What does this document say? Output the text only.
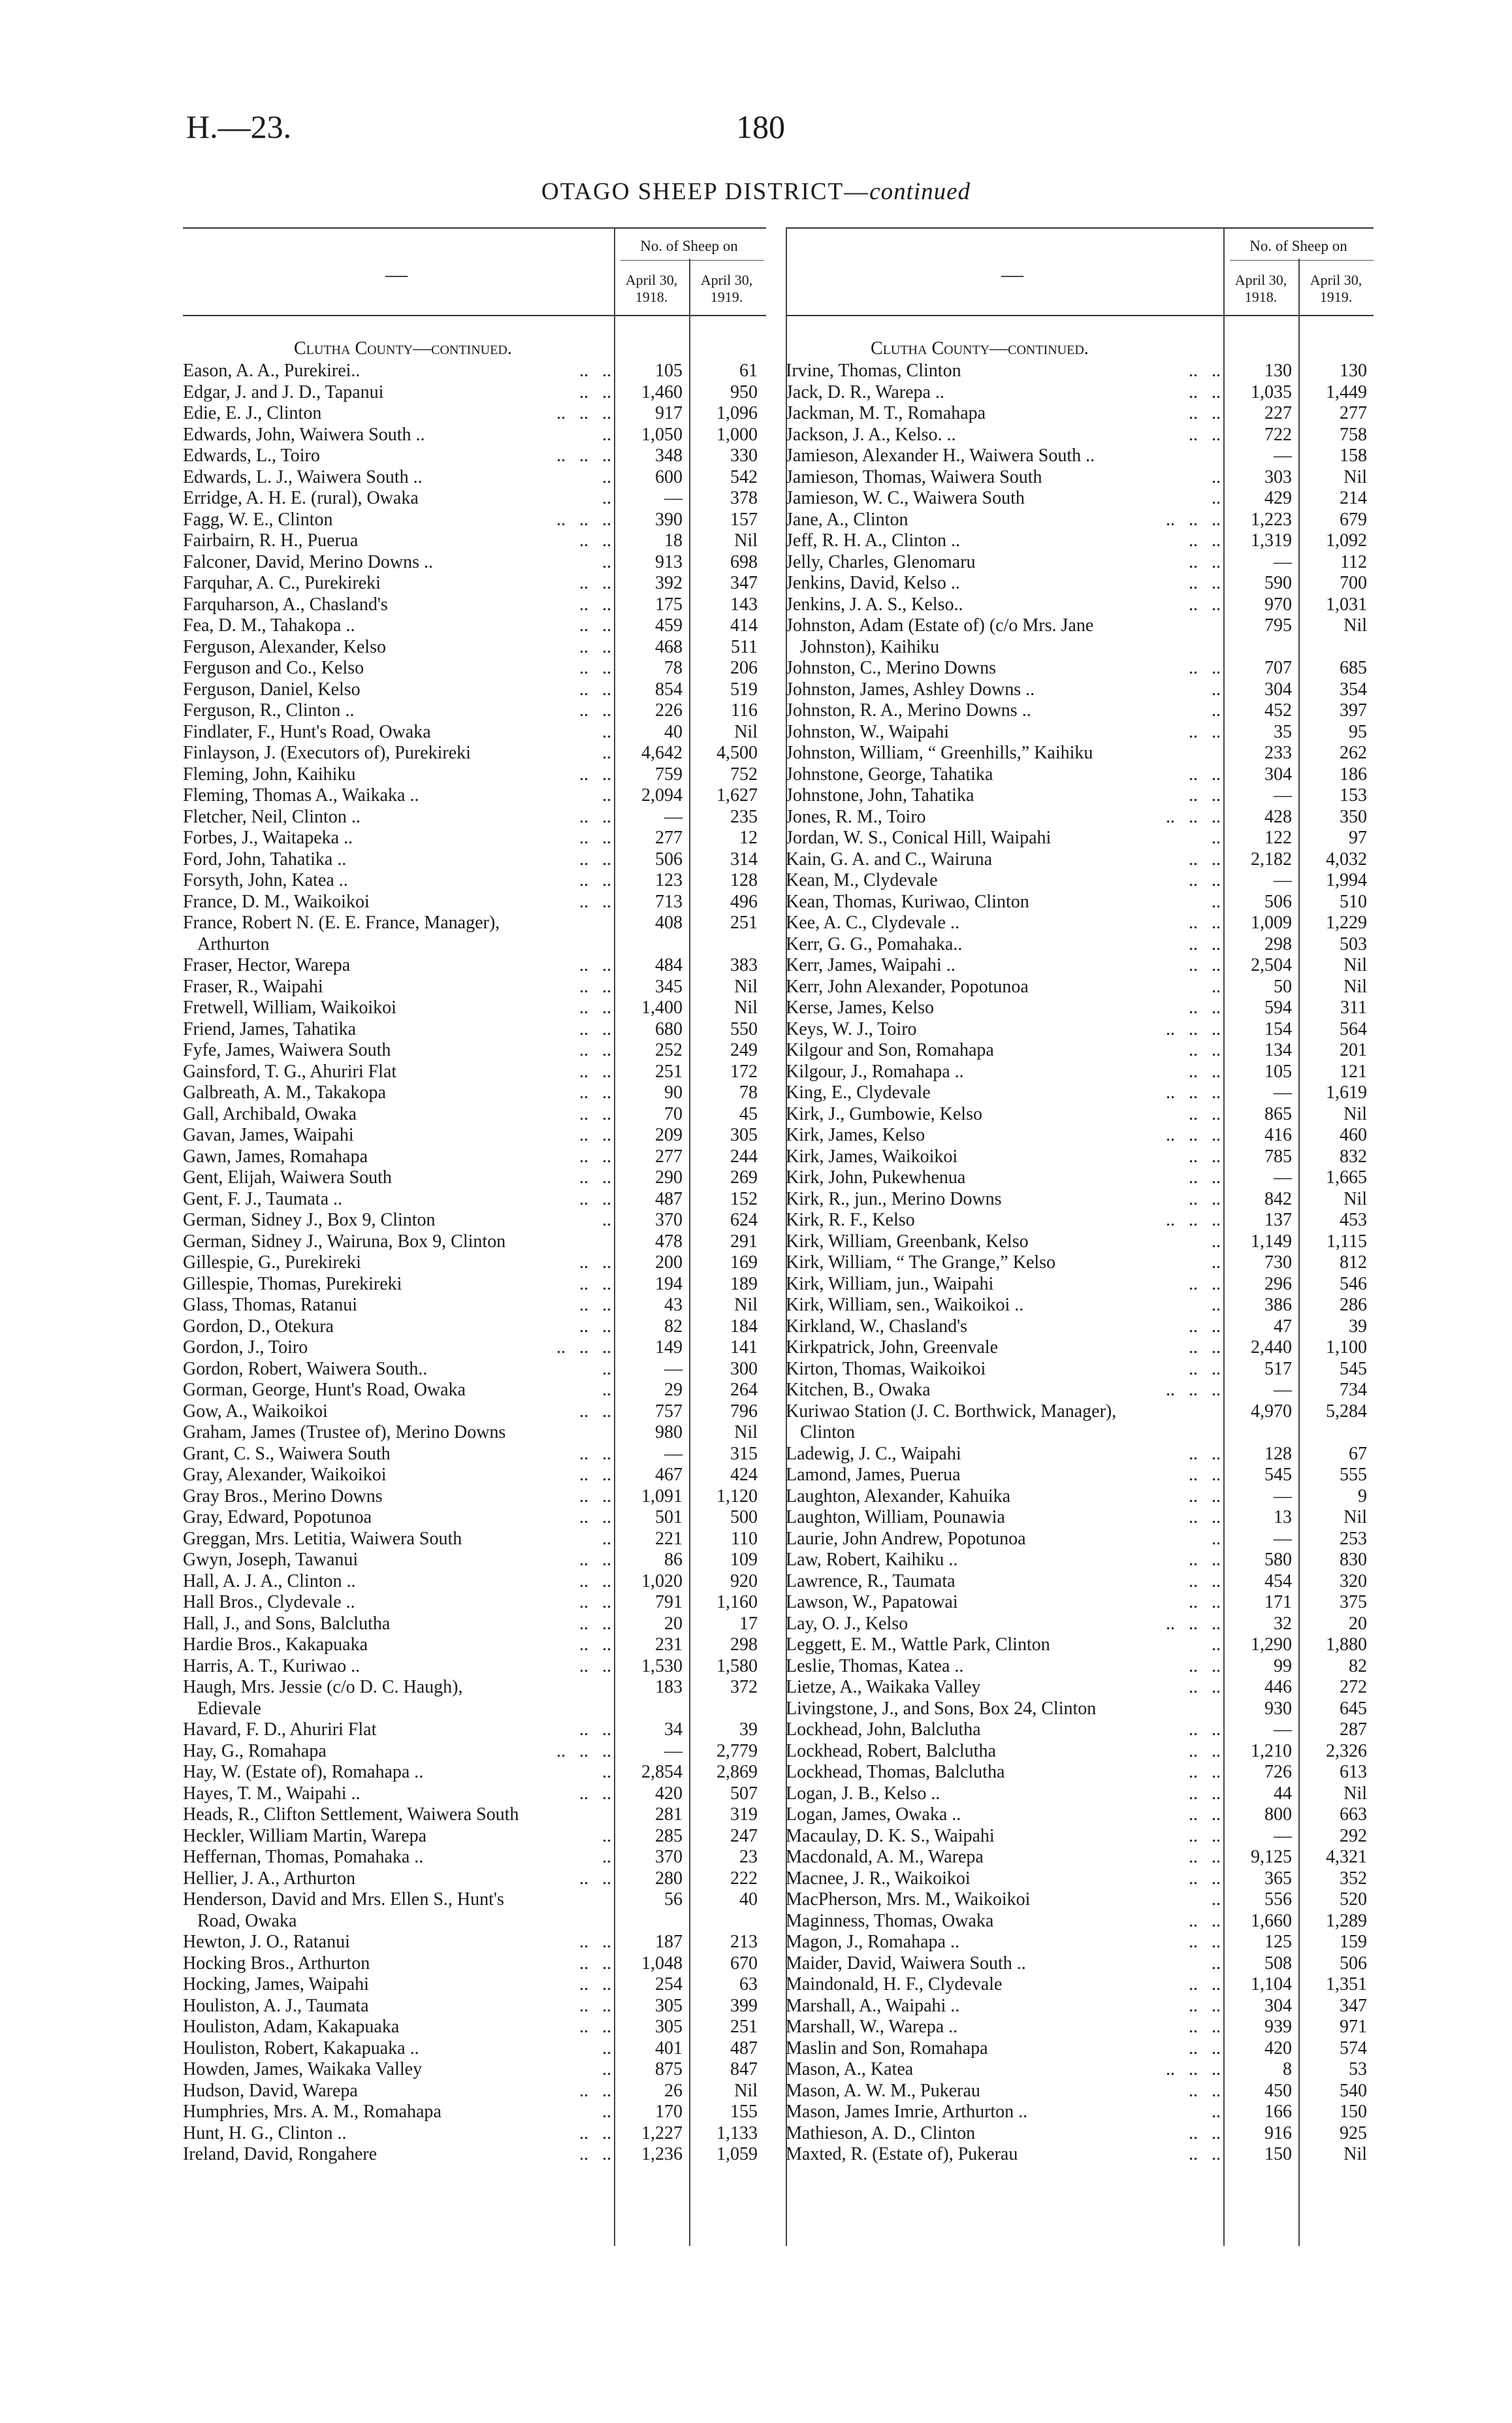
H.—23.	180
OTAGO SHEEP DISTRICT—continued
—
No. of Sheep on
April 30,
1918.
April 30,
1919.
Clutha County—continued.
Eason, A. A., Purekirei..	..   ..	105	61
Edgar, J. and J. D., Tapanui	..   ..	1,460	950
Edie, E. J., Clinton	..   ..   ..	917	1,096
Edwards, John, Waiwera South ..	..	1,050	1,000
Edwards, L., Toiro	..   ..   ..	348	330
Edwards, L. J., Waiwera South ..	..	600	542
Erridge, A. H. E. (rural), Owaka	..	—	378
Fagg, W. E., Clinton	..   ..   ..	390	157
Fairbairn, R. H., Puerua	..   ..	18	Nil
Falconer, David, Merino Downs ..	..	913	698
Farquhar, A. C., Purekireki	..   ..	392	347
Farquharson, A., Chasland's	..   ..	175	143
Fea, D. M., Tahakopa ..	..   ..	459	414
Ferguson, Alexander, Kelso	..   ..	468	511
Ferguson and Co., Kelso	..   ..	78	206
Ferguson, Daniel, Kelso	..   ..	854	519
Ferguson, R., Clinton ..	..   ..	226	116
Findlater, F., Hunt's Road, Owaka	..	40	Nil
Finlayson, J. (Executors of), Purekireki	..	4,642	4,500
Fleming, John, Kaihiku	..   ..	759	752
Fleming, Thomas A., Waikaka ..	..	2,094	1,627
Fletcher, Neil, Clinton ..	..   ..	—	235
Forbes, J., Waitapeka ..	..   ..	277	12
Ford, John, Tahatika ..	..   ..	506	314
Forsyth, John, Katea ..	..   ..	123	128
France, D. M., Waikoikoi	..   ..	713	496
France, Robert N. (E. E. France, Manager),	408	251
Arthurton
Fraser, Hector, Warepa	..   ..	484	383
Fraser, R., Waipahi	..   ..	345	Nil
Fretwell, William, Waikoikoi	..   ..	1,400	Nil
Friend, James, Tahatika	..   ..	680	550
Fyfe, James, Waiwera South	..   ..	252	249
Gainsford, T. G., Ahuriri Flat	..   ..	251	172
Galbreath, A. M., Takakopa	..   ..	90	78
Gall, Archibald, Owaka	..   ..	70	45
Gavan, James, Waipahi	..   ..	209	305
Gawn, James, Romahapa	..   ..	277	244
Gent, Elijah, Waiwera South	..   ..	290	269
Gent, F. J., Taumata ..	..   ..	487	152
German, Sidney J., Box 9, Clinton	..	370	624
German, Sidney J., Wairuna, Box 9, Clinton	478	291
Gillespie, G., Purekireki	..   ..	200	169
Gillespie, Thomas, Purekireki	..   ..	194	189
Glass, Thomas, Ratanui	..   ..	43	Nil
Gordon, D., Otekura	..   ..	82	184
Gordon, J., Toiro	..   ..   ..	149	141
Gordon, Robert, Waiwera South..	..	—	300
Gorman, George, Hunt's Road, Owaka	..	29	264
Gow, A., Waikoikoi	..   ..	757	796
Graham, James (Trustee of), Merino Downs	980	Nil
Grant, C. S., Waiwera South	..   ..	—	315
Gray, Alexander, Waikoikoi	..   ..	467	424
Gray Bros., Merino Downs	..   ..	1,091	1,120
Gray, Edward, Popotunoa	..   ..	501	500
Greggan, Mrs. Letitia, Waiwera South	..	221	110
Gwyn, Joseph, Tawanui	..   ..	86	109
Hall, A. J. A., Clinton ..	..   ..	1,020	920
Hall Bros., Clydevale ..	..   ..	791	1,160
Hall, J., and Sons, Balclutha	..   ..	20	17
Hardie Bros., Kakapuaka	..   ..	231	298
Harris, A. T., Kuriwao ..	..   ..	1,530	1,580
Haugh, Mrs. Jessie (c/o D. C. Haugh),	183	372
Edievale
Havard, F. D., Ahuriri Flat	..   ..	34	39
Hay, G., Romahapa	..   ..   ..	—	2,779
Hay, W. (Estate of), Romahapa ..	..	2,854	2,869
Hayes, T. M., Waipahi ..	..   ..	420	507
Heads, R., Clifton Settlement, Waiwera South	281	319
Heckler, William Martin, Warepa	..	285	247
Heffernan, Thomas, Pomahaka ..	..	370	23
Hellier, J. A., Arthurton	..   ..	280	222
Henderson, David and Mrs. Ellen S., Hunt's	56	40
Road, Owaka
Hewton, J. O., Ratanui	..   ..	187	213
Hocking Bros., Arthurton	..   ..	1,048	670
Hocking, James, Waipahi	..   ..	254	63
Houliston, A. J., Taumata	..   ..	305	399
Houliston, Adam, Kakapuaka	..   ..	305	251
Houliston, Robert, Kakapuaka ..	..	401	487
Howden, James, Waikaka Valley	..	875	847
Hudson, David, Warepa	..   ..	26	Nil
Humphries, Mrs. A. M., Romahapa	..	170	155
Hunt, H. G., Clinton ..	..   ..	1,227	1,133
Ireland, David, Rongahere	..   ..	1,236	1,059
—
No. of Sheep on
April 30,
1918.
April 30,
1919.
Clutha County—continued.
Irvine, Thomas, Clinton	..   ..	130	130
Jack, D. R., Warepa ..	..   ..	1,035	1,449
Jackman, M. T., Romahapa	..   ..	227	277
Jackson, J. A., Kelso. ..	..   ..	722	758
Jamieson, Alexander H., Waiwera South ..	—	158
Jamieson, Thomas, Waiwera South	..	303	Nil
Jamieson, W. C., Waiwera South	..	429	214
Jane, A., Clinton	..   ..   ..	1,223	679
Jeff, R. H. A., Clinton ..	..   ..	1,319	1,092
Jelly, Charles, Glenomaru	..   ..	—	112
Jenkins, David, Kelso ..	..   ..	590	700
Jenkins, J. A. S., Kelso..	..   ..	970	1,031
Johnston, Adam (Estate of) (c/o Mrs. Jane	795	Nil
Johnston), Kaihiku
Johnston, C., Merino Downs	..   ..	707	685
Johnston, James, Ashley Downs ..	..	304	354
Johnston, R. A., Merino Downs ..	..	452	397
Johnston, W., Waipahi	..   ..	35	95
Johnston, William, “ Greenhills,” Kaihiku	233	262
Johnstone, George, Tahatika	..   ..	304	186
Johnstone, John, Tahatika	..   ..	—	153
Jones, R. M., Toiro	..   ..   ..	428	350
Jordan, W. S., Conical Hill, Waipahi	..	122	97
Kain, G. A. and C., Wairuna	..   ..	2,182	4,032
Kean, M., Clydevale	..   ..	—	1,994
Kean, Thomas, Kuriwao, Clinton	..	506	510
Kee, A. C., Clydevale ..	..   ..	1,009	1,229
Kerr, G. G., Pomahaka..	..   ..	298	503
Kerr, James, Waipahi ..	..   ..	2,504	Nil
Kerr, John Alexander, Popotunoa	..	50	Nil
Kerse, James, Kelso	..   ..	594	311
Keys, W. J., Toiro	..   ..   ..	154	564
Kilgour and Son, Romahapa	..   ..	134	201
Kilgour, J., Romahapa ..	..   ..	105	121
King, E., Clydevale	..   ..   ..	—	1,619
Kirk, J., Gumbowie, Kelso	..   ..	865	Nil
Kirk, James, Kelso	..   ..   ..	416	460
Kirk, James, Waikoikoi	..   ..	785	832
Kirk, John, Pukewhenua	..   ..	—	1,665
Kirk, R., jun., Merino Downs	..   ..	842	Nil
Kirk, R. F., Kelso	..   ..   ..	137	453
Kirk, William, Greenbank, Kelso	..	1,149	1,115
Kirk, William, “ The Grange,” Kelso	..	730	812
Kirk, William, jun., Waipahi	..   ..	296	546
Kirk, William, sen., Waikoikoi ..	..	386	286
Kirkland, W., Chasland's	..   ..	47	39
Kirkpatrick, John, Greenvale	..   ..	2,440	1,100
Kirton, Thomas, Waikoikoi	..   ..	517	545
Kitchen, B., Owaka	..   ..   ..	—	734
Kuriwao Station (J. C. Borthwick, Manager),	4,970	5,284
Clinton
Ladewig, J. C., Waipahi	..   ..	128	67
Lamond, James, Puerua	..   ..	545	555
Laughton, Alexander, Kahuika	..   ..	—	9
Laughton, William, Pounawia	..   ..	13	Nil
Laurie, John Andrew, Popotunoa	..	—	253
Law, Robert, Kaihiku ..	..   ..	580	830
Lawrence, R., Taumata	..   ..	454	320
Lawson, W., Papatowai	..   ..	171	375
Lay, O. J., Kelso	..   ..   ..	32	20
Leggett, E. M., Wattle Park, Clinton	..	1,290	1,880
Leslie, Thomas, Katea ..	..   ..	99	82
Lietze, A., Waikaka Valley	..   ..	446	272
Livingstone, J., and Sons, Box 24, Clinton	930	645
Lockhead, John, Balclutha	..   ..	—	287
Lockhead, Robert, Balclutha	..   ..	1,210	2,326
Lockhead, Thomas, Balclutha	..   ..	726	613
Logan, J. B., Kelso ..	..   ..	44	Nil
Logan, James, Owaka ..	..   ..	800	663
Macaulay, D. K. S., Waipahi	..   ..	—	292
Macdonald, A. M., Warepa	..   ..	9,125	4,321
Macnee, J. R., Waikoikoi	..   ..	365	352
MacPherson, Mrs. M., Waikoikoi	..	556	520
Maginness, Thomas, Owaka	..   ..	1,660	1,289
Magon, J., Romahapa ..	..   ..	125	159
Maider, David, Waiwera South ..	..	508	506
Maindonald, H. F., Clydevale	..   ..	1,104	1,351
Marshall, A., Waipahi ..	..   ..	304	347
Marshall, W., Warepa ..	..   ..	939	971
Maslin and Son, Romahapa	..   ..	420	574
Mason, A., Katea	..   ..   ..	8	53
Mason, A. W. M., Pukerau	..   ..	450	540
Mason, James Imrie, Arthurton ..	..	166	150
Mathieson, A. D., Clinton	..   ..	916	925
Maxted, R. (Estate of), Pukerau	..   ..	150	Nil
